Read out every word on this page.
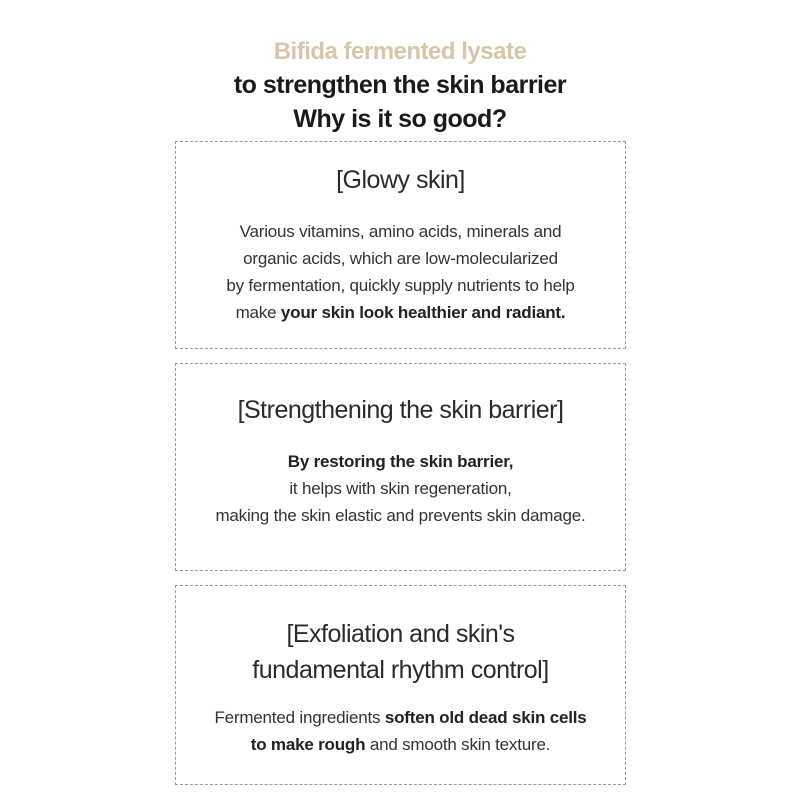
Bifida fermented lysate
to strengthen the skin barrier
Why is it so good?
[Glowy skin]
Various vitamins, amino acids, minerals and
organic acids, which are low-molecularized
by fermentation, quickly supply nutrients to help
make your skin look healthier and radiant.
[Strengthening the skin barrier]
By restoring the skin barrier,
it helps with skin regeneration,
making the skin elastic and prevents skin damage.
[Exfoliation and skin's
fundamental rhythm control]
Fermented ingredients soften old dead skin cells
to make rough and smooth skin texture.
